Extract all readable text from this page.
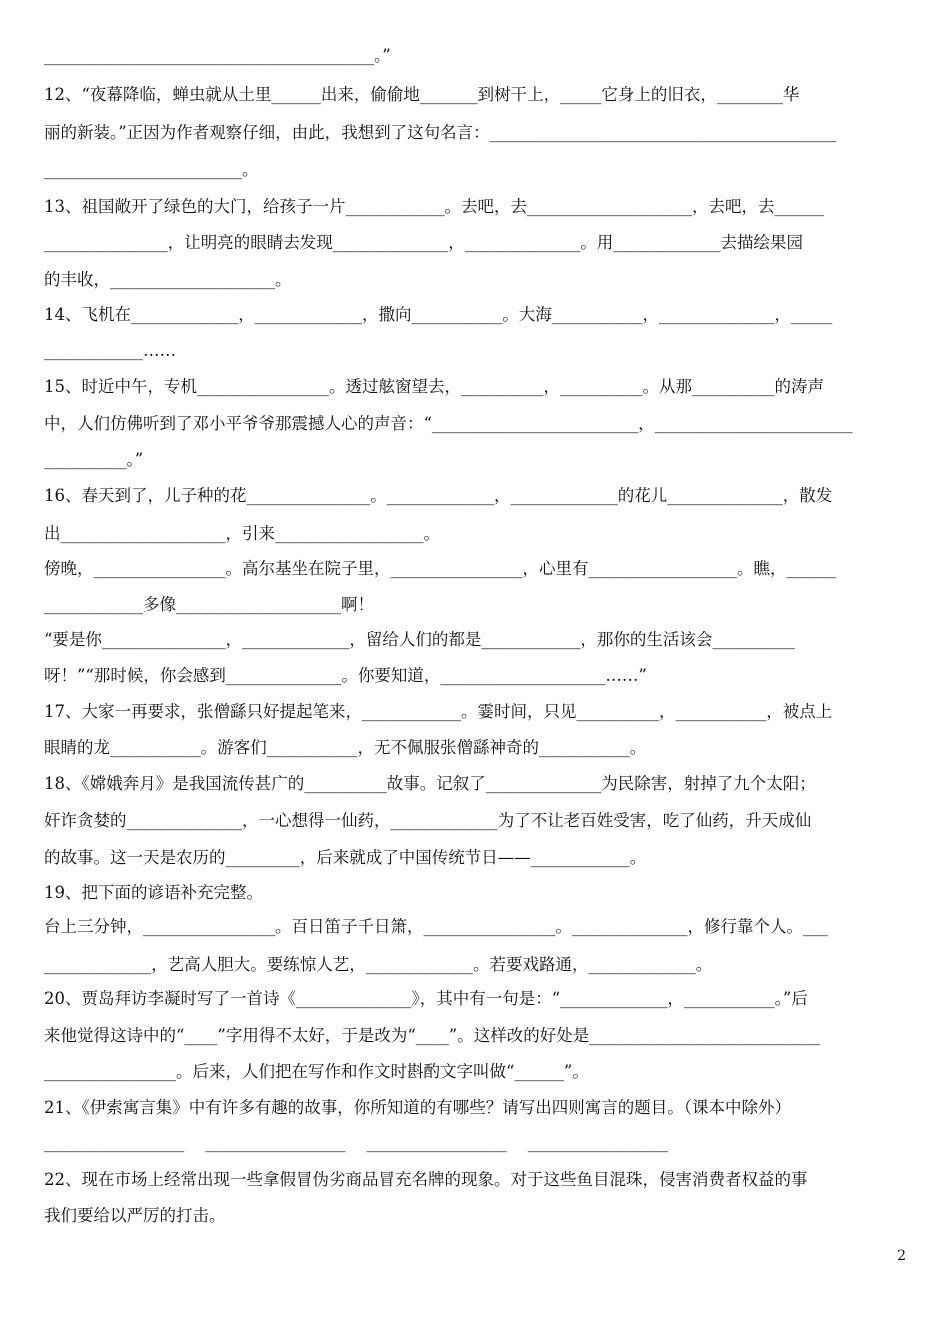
________________________________________。”
12、“夜幕降临，蝉虫就从土里______出来，偷偷地_______到树干上，_____它身上的旧衣，________华
丽的新装。”正因为作者观察仔细，由此，我想到了这句名言：__________________________________________
________________________。
13、祖国敞开了绿色的大门，给孩子一片____________。去吧，去____________________，去吧，去______
_______________，让明亮的眼睛去发现______________，______________。用_____________去描绘果园
的丰收，____________________。
14、飞机在_____________，_____________，撒向___________。大海___________，______________，_____
____________……
15、时近中午，专机________________。透过舷窗望去，__________，__________。从那__________的涛声
中，人们仿佛听到了邓小平爷爷那震撼人心的声音：“_________________________，________________________
__________。”
16、春天到了，儿子种的花_______________。_____________，_____________的花儿______________，散发
出____________________，引来__________________。
傍晚，________________。高尔基坐在院子里，________________，心里有__________________。瞧，______
____________多像____________________啊！
“要是你_______________，_____________，留给人们的都是____________，那你的生活该会__________
呀！”“那时候，你会感到______________。你要知道，____________________……”
17、大家一再要求，张僧繇只好提起笔来，____________。霎时间，只见__________，___________，被点上
眼睛的龙___________。游客们___________，无不佩服张僧繇神奇的___________。
18、《嫦娥奔月》是我国流传甚广的__________故事。记叙了______________为民除害，射掉了九个太阳；
奸诈贪婪的______________，一心想得一仙药，_____________为了不让老百姓受害，吃了仙药，升天成仙
的故事。这一天是农历的_________，后来就成了中国传统节日——____________。
19、把下面的谚语补充完整。
台上三分钟，________________。百日笛子千日箫，________________。______________，修行靠个人。___
_____________，艺高人胆大。要练惊人艺，_____________。若要戏路通，_____________。
20、贾岛拜访李凝时写了一首诗《______________》，其中有一句是：“_____________，___________。”后
来他觉得这诗中的“____”字用得不太好，于是改为“____”。这样改的好处是____________________________
________________。后来，人们把在写作和作文时斟酌文字叫做“______”。
21、《伊索寓言集》中有许多有趣的故事，你所知道的有哪些？请写出四则寓言的题目。（课本中除外）
_________________    _________________    _________________    _________________
22、现在市场上经常出现一些拿假冒伪劣商品冒充名牌的现象。对于这些鱼目混珠，侵害消费者权益的事
我们要给以严厉的打击。
2
